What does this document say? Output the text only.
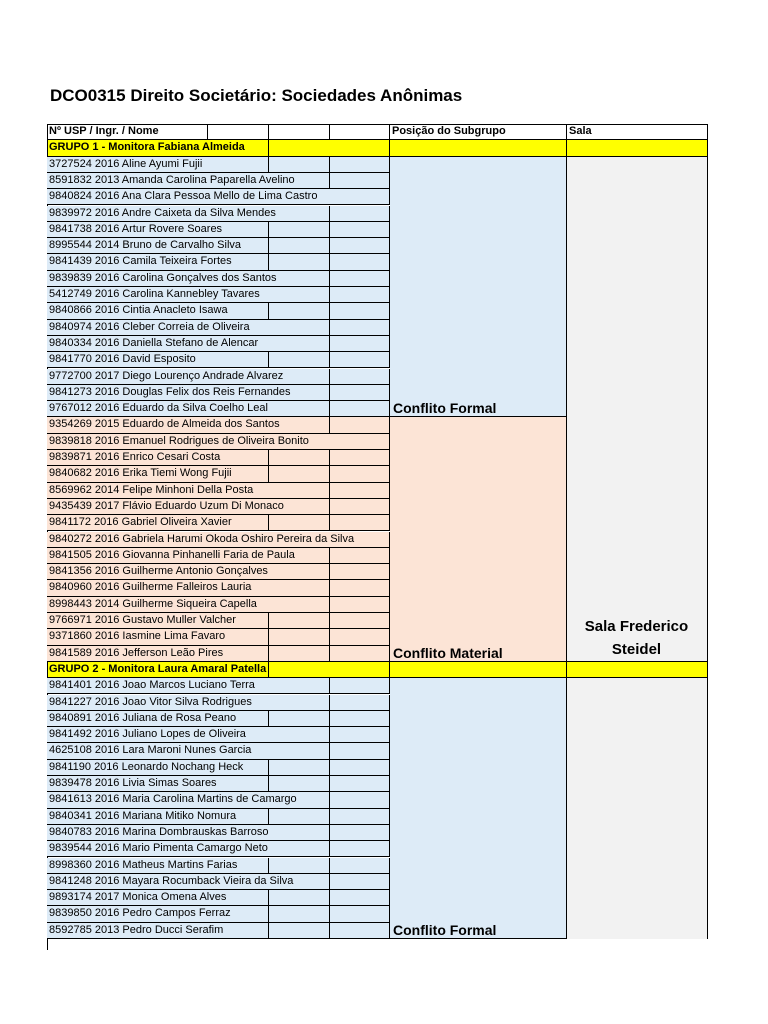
DCO0315 Direito Societário: Sociedades Anônimas
Nº USP / Ingr. / Nome	Posição do Subgrupo	Sala
GRUPO 1 - Monitora Fabiana Almeida
3727524 2016 Aline Ayumi Fujii
8591832 2013 Amanda Carolina Paparella Avelino
9840824 2016 Ana Clara Pessoa Mello de Lima Castro
9839972 2016 Andre Caixeta da Silva Mendes
9841738 2016 Artur Rovere Soares
8995544 2014 Bruno de Carvalho Silva
9841439 2016 Camila Teixeira Fortes
9839839 2016 Carolina Gonçalves dos Santos
5412749 2016 Carolina Kannebley Tavares
9840866 2016 Cintia Anacleto Isawa
9840974 2016 Cleber Correia de Oliveira
9840334 2016 Daniella Stefano de Alencar
9841770 2016 David Esposito
9772700 2017 Diego Lourenço Andrade Alvarez
9841273 2016 Douglas Felix dos Reis Fernandes
9767012 2016 Eduardo da Silva Coelho Leal	Conflito Formal
9354269 2015 Eduardo de Almeida dos Santos
9839818 2016 Emanuel Rodrigues de Oliveira Bonito
9839871 2016 Enrico Cesari Costa
9840682 2016 Erika Tiemi Wong Fujii
8569962 2014 Felipe Minhoni Della Posta
9435439 2017 Flávio Eduardo Uzum Di Monaco
9841172 2016 Gabriel Oliveira Xavier
9840272 2016 Gabriela Harumi Okoda Oshiro Pereira da Silva
9841505 2016 Giovanna Pinhanelli Faria de Paula
9841356 2016 Guilherme Antonio Gonçalves
9840960 2016 Guilherme Falleiros Lauria
8998443 2014 Guilherme Siqueira Capella
9766971 2016 Gustavo Muller Valcher
9371860 2016 Iasmine Lima Favaro
9841589 2016 Jefferson Leão Pires	Conflito Material
Sala Frederico Steidel
GRUPO 2 - Monitora Laura Amaral Patella
9841401 2016 Joao Marcos Luciano Terra
9841227 2016 Joao Vitor Silva Rodrigues
9840891 2016 Juliana de Rosa Peano
9841492 2016 Juliano Lopes de Oliveira
4625108 2016 Lara Maroni Nunes Garcia
9841190 2016 Leonardo Nochang Heck
9839478 2016 Livia Simas Soares
9841613 2016 Maria Carolina Martins de Camargo
9840341 2016 Mariana Mitiko Nomura
9840783 2016 Marina Dombrauskas Barroso
9839544 2016 Mario Pimenta Camargo Neto
8998360 2016 Matheus Martins Farias
9841248 2016 Mayara Rocumback Vieira da Silva
9893174 2017 Monica Omena Alves
9839850 2016 Pedro Campos Ferraz
8592785 2013 Pedro Ducci Serafim	Conflito Formal
